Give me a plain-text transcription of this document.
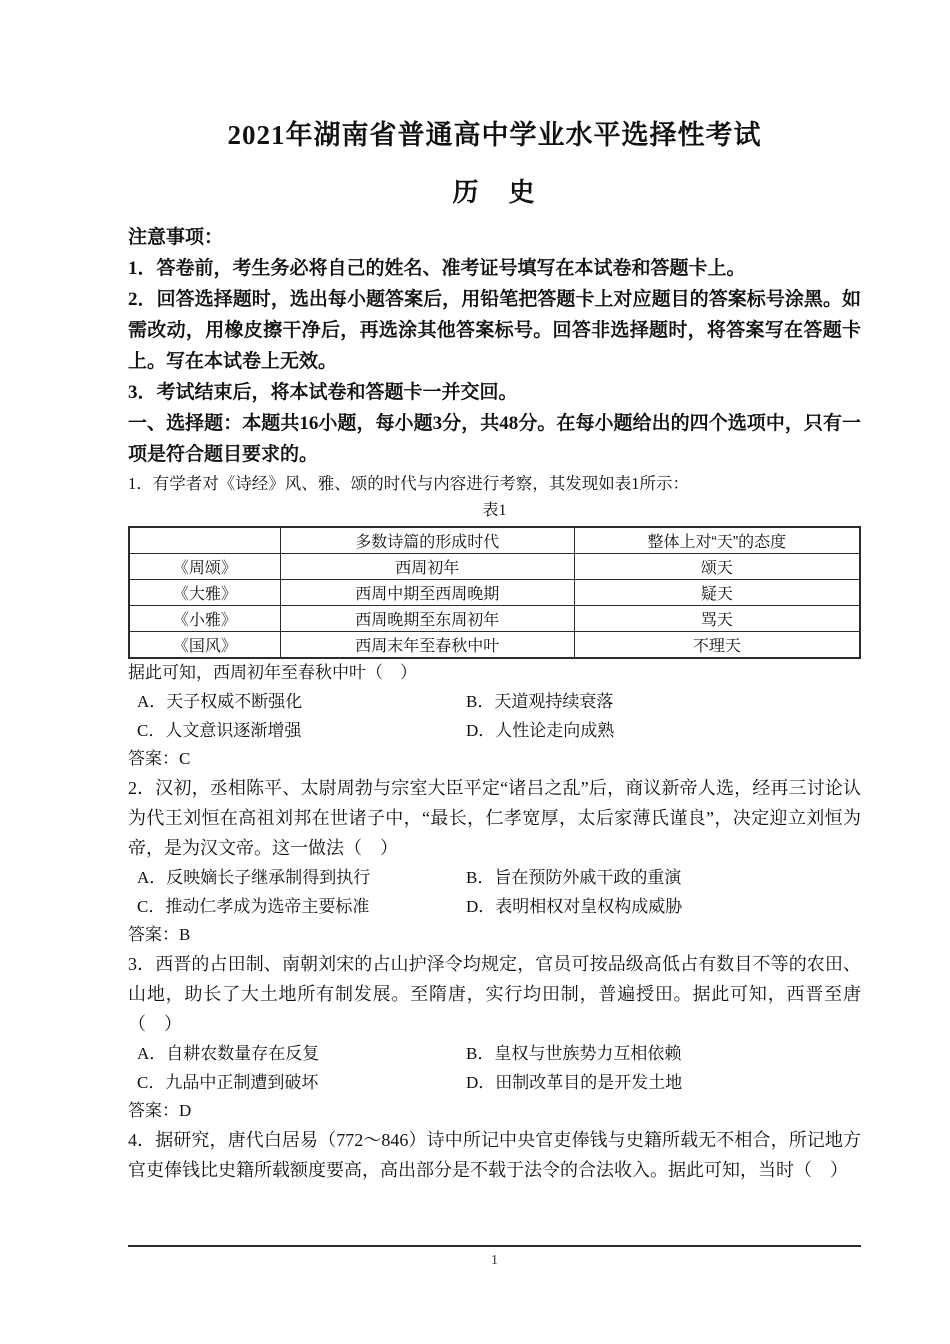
2021年湖南省普通高中学业水平选择性考试
历　史
注意事项：
1．答卷前，考生务必将自己的姓名、准考证号填写在本试卷和答题卡上。
2．回答选择题时，选出每小题答案后，用铅笔把答题卡上对应题目的答案标号涂黑。如需改动，用橡皮擦干净后，再选涂其他答案标号。回答非选择题时，将答案写在答题卡上。写在本试卷上无效。
3．考试结束后，将本试卷和答题卡一并交回。
一、选择题：本题共16小题，每小题3分，共48分。在每小题给出的四个选项中，只有一项是符合题目要求的。
1．有学者对《诗经》风、雅、颂的时代与内容进行考察，其发现如表1所示：
表1
	多数诗篇的形成时代	整体上对“天”的态度
《周颂》	西周初年	颂天
《大雅》	西周中期至西周晚期	疑天
《小雅》	西周晚期至东周初年	骂天
《国风》	西周末年至春秋中叶	不理天
据此可知，西周初年至春秋中叶（　）
A．天子权威不断强化	B．天道观持续衰落
C．人文意识逐渐增强	D．人性论走向成熟
答案：C
2．汉初，丞相陈平、太尉周勃与宗室大臣平定“诸吕之乱”后，商议新帝人选，经再三讨论认为代王刘恒在高祖刘邦在世诸子中，“最长，仁孝宽厚，太后家薄氏谨良”，决定迎立刘恒为帝，是为汉文帝。这一做法（　）
A．反映嫡长子继承制得到执行	B．旨在预防外戚干政的重演
C．推动仁孝成为选帝主要标准	D．表明相权对皇权构成威胁
答案：B
3．西晋的占田制、南朝刘宋的占山护泽令均规定，官员可按品级高低占有数目不等的农田、山地，助长了大土地所有制发展。至隋唐，实行均田制，普遍授田。据此可知，西晋至唐（　）
A．自耕农数量存在反复	B．皇权与世族势力互相依赖
C．九品中正制遭到破坏	D．田制改革目的是开发土地
答案：D
4．据研究，唐代白居易（772～846）诗中所记中央官吏俸钱与史籍所载无不相合，所记地方官吏俸钱比史籍所载额度要高，高出部分是不载于法令的合法收入。据此可知，当时（　）
1
